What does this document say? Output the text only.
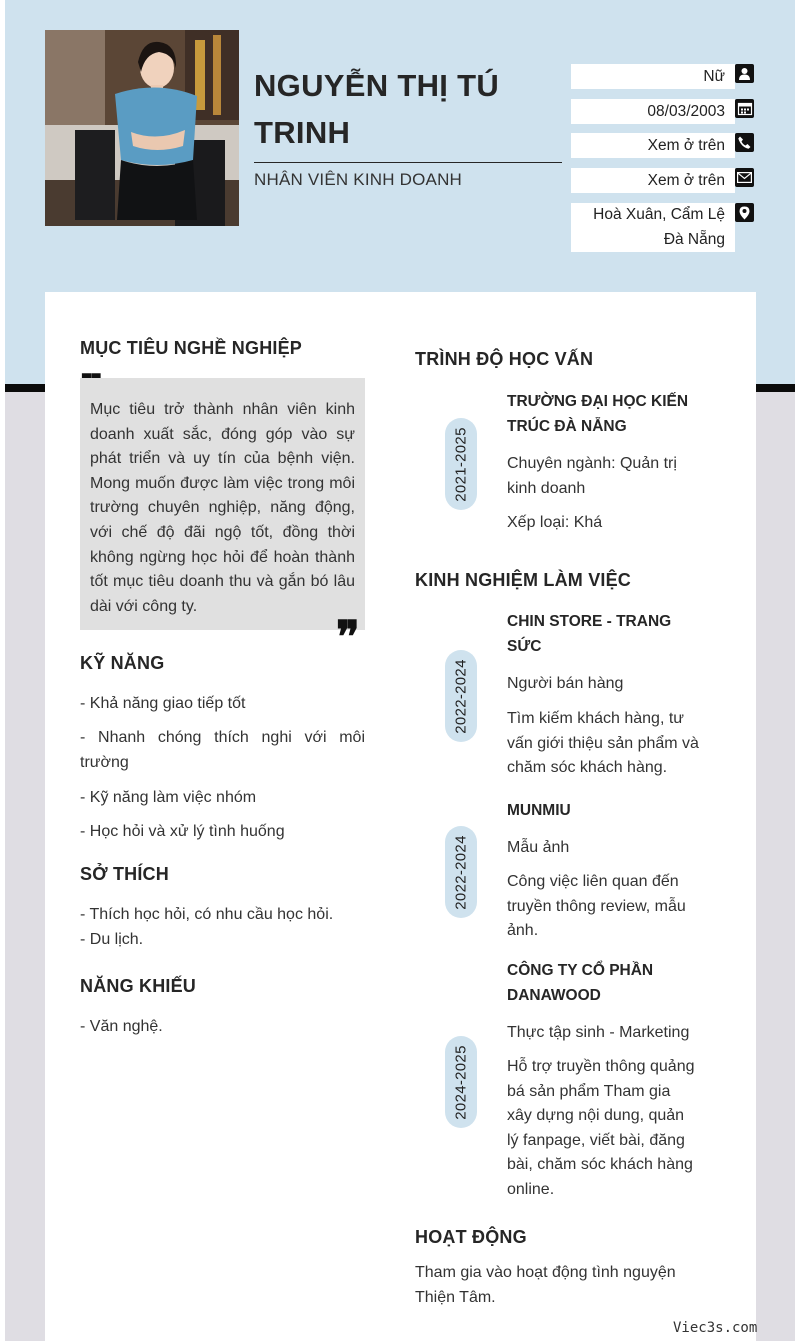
NGUYỄN THỊ TÚ TRINH
NHÂN VIÊN KINH DOANH
Nữ
08/03/2003
Xem ở trên
Xem ở trên
Hoà Xuân, Cẩm Lệ Đà Nẵng
MỤC TIÊU NGHỀ NGHIỆP
Mục tiêu trở thành nhân viên kinh doanh xuất sắc, đóng góp vào sự phát triển và uy tín của bệnh viện. Mong muốn được làm việc trong môi trường chuyên nghiệp, năng động, với chế độ đãi ngộ tốt, đồng thời không ngừng học hỏi để hoàn thành tốt mục tiêu doanh thu và gắn bó lâu dài với công ty.
❞
KỸ NĂNG
- Khả năng giao tiếp tốt
- Nhanh chóng thích nghi với môi trường
- Kỹ năng làm việc nhóm
- Học hỏi và xử lý tình huống
SỞ THÍCH
- Thích học hỏi, có nhu cầu học hỏi.
- Du lịch.
NĂNG KHIẾU
- Văn nghệ.
TRÌNH ĐỘ HỌC VẤN
2021-2025
TRƯỜNG ĐẠI HỌC KIẾN TRÚC ĐÀ NẴNG
Chuyên ngành: Quản trị kinh doanh
Xếp loại: Khá
KINH NGHIỆM LÀM VIỆC
2022-2024
CHIN STORE - TRANG SỨC
Người bán hàng
Tìm kiếm khách hàng, tư vấn giới thiệu sản phẩm và chăm sóc khách hàng.
2022-2024
MUNMIU
Mẫu ảnh
Công việc liên quan đến truyền thông review, mẫu ảnh.
2024-2025
CÔNG TY CỔ PHẦN DANAWOOD
Thực tập sinh - Marketing
Hỗ trợ truyền thông quảng bá sản phẩm Tham gia xây dựng nội dung, quản lý fanpage, viết bài, đăng bài, chăm sóc khách hàng online.
HOẠT ĐỘNG
Tham gia vào hoạt động tình nguyện Thiện Tâm.
Viec3s.com
